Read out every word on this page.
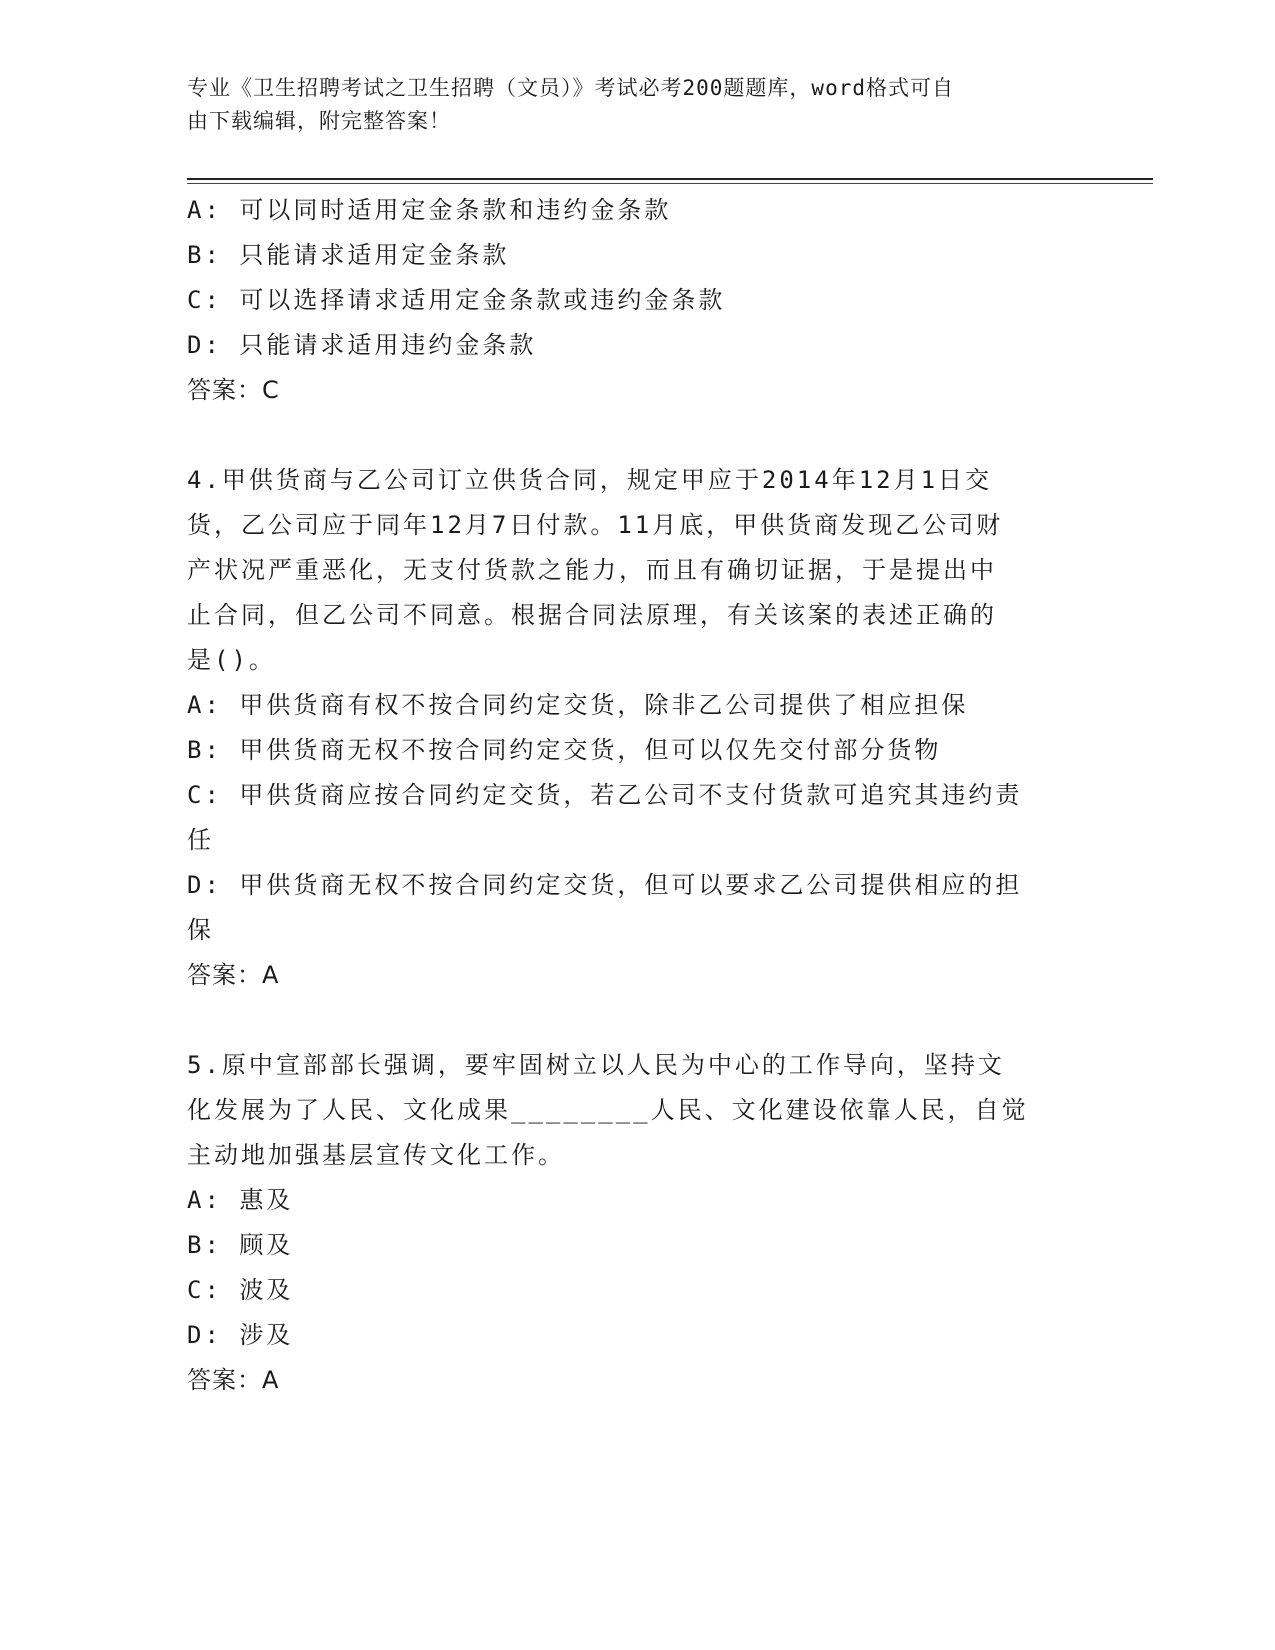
专业《卫生招聘考试之卫生招聘（文员）》考试必考200题题库，word格式可自
由下载编辑，附完整答案！
A: 可以同时适用定金条款和违约金条款
B: 只能请求适用定金条款
C: 可以选择请求适用定金条款或违约金条款
D: 只能请求适用违约金条款
答案：C
4.甲供货商与乙公司订立供货合同，规定甲应于2014年12月1日交
货，乙公司应于同年12月7日付款。11月底，甲供货商发现乙公司财
产状况严重恶化，无支付货款之能力，而且有确切证据，于是提出中
止合同，但乙公司不同意。根据合同法原理，有关该案的表述正确的
是()。
A: 甲供货商有权不按合同约定交货，除非乙公司提供了相应担保
B: 甲供货商无权不按合同约定交货，但可以仅先交付部分货物
C: 甲供货商应按合同约定交货，若乙公司不支付货款可追究其违约责
任
D: 甲供货商无权不按合同约定交货，但可以要求乙公司提供相应的担
保
答案：A
5.原中宣部部长强调，要牢固树立以人民为中心的工作导向，坚持文
化发展为了人民、文化成果________人民、文化建设依靠人民，自觉
主动地加强基层宣传文化工作。
A: 惠及
B: 顾及
C: 波及
D: 涉及
答案：A
